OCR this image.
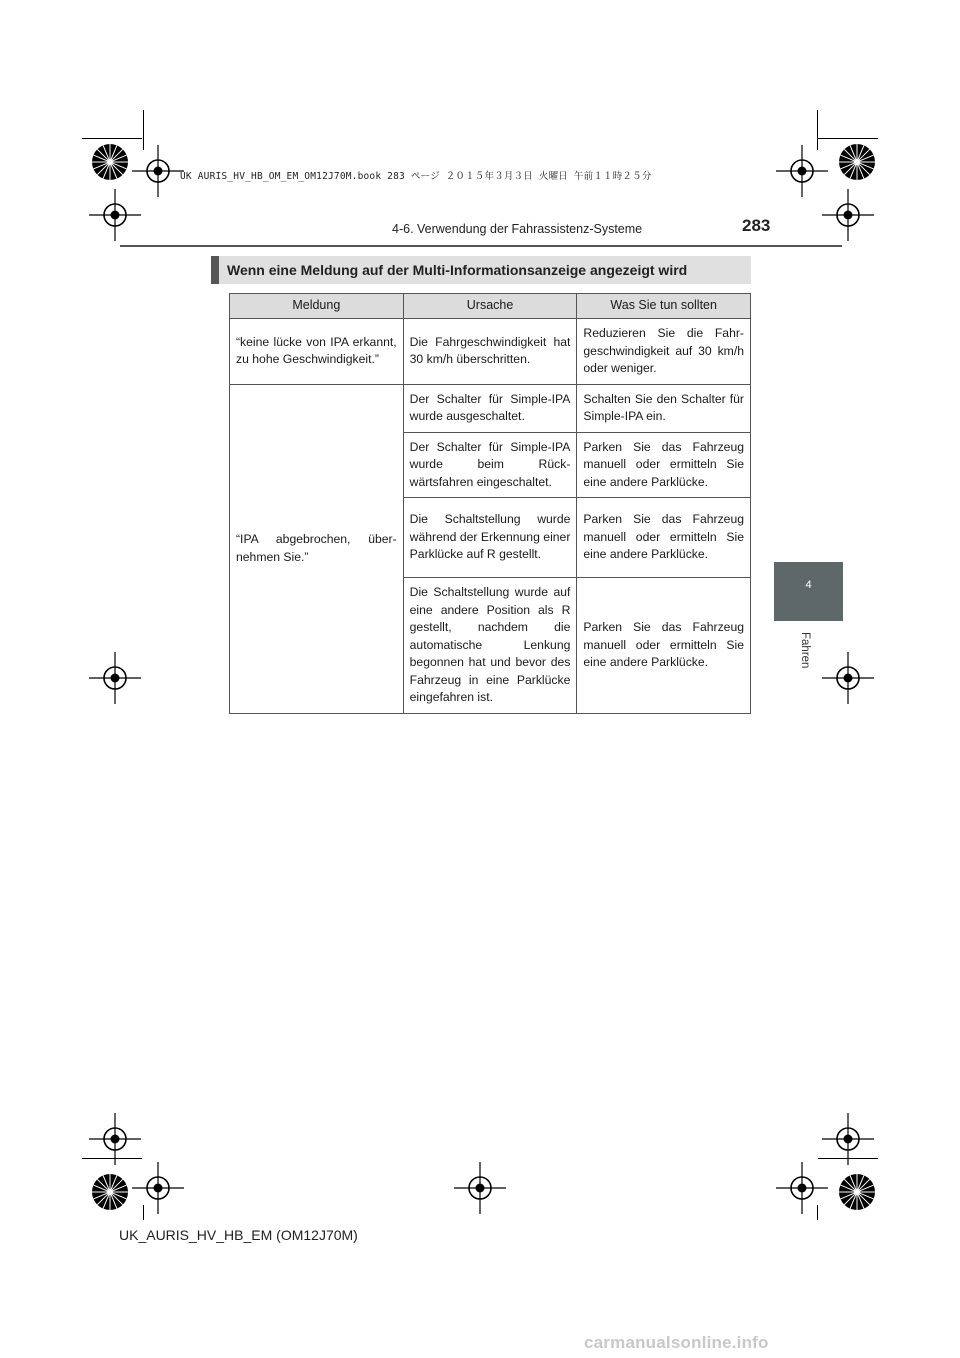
UK AURIS_HV_HB_OM_EM_OM12J70M.book 283 ページ ２０１５年３月３日 火曜日 午前１１時２５分
4-6. Verwendung der Fahrassistenz-Systeme	283
4
Fahren
Wenn eine Meldung auf der Multi-Informationsanzeige angezeigt wird
Meldung	Ursache	Was Sie tun sollten
“keine lücke von IPA erkannt, zu hohe Geschwindigkeit.”	Die Fahrgeschwindigkeit hat 30 km/h überschritten.	Reduzieren Sie die Fahr-geschwindigkeit auf 30 km/h oder weniger.
“IPA abgebrochen, über-nehmen Sie.”	Der Schalter für Simple-IPA wurde ausgeschaltet.	Schalten Sie den Schalter für Simple-IPA ein.
	Der Schalter für Simple-IPA wurde beim Rück-wärtsfahren eingeschaltet.	Parken Sie das Fahrzeug manuell oder ermitteln Sie eine andere Parklücke.
	Die Schaltstellung wurde während der Erkennung einer Parklücke auf R gestellt.	Parken Sie das Fahrzeug manuell oder ermitteln Sie eine andere Parklücke.
	Die Schaltstellung wurde auf eine andere Position als R gestellt, nachdem die automatische Lenkung begonnen hat und bevor des Fahrzeug in eine Parklücke eingefahren ist.	Parken Sie das Fahrzeug manuell oder ermitteln Sie eine andere Parklücke.
UK_AURIS_HV_HB_EM (OM12J70M)
carmanualsonline.info
